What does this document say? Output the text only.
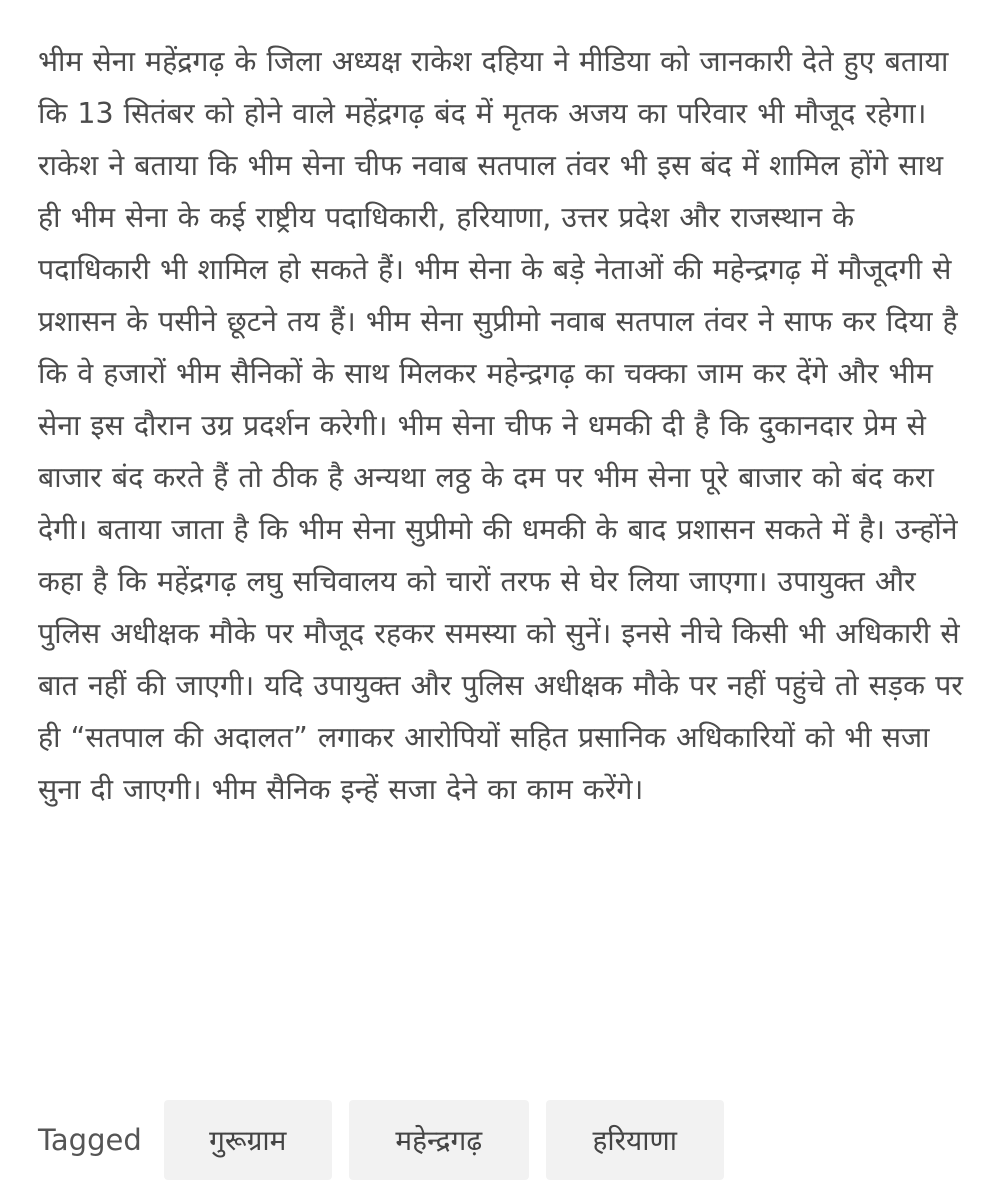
भीम सेना महेंद्रगढ़ के जिला अध्यक्ष राकेश दहिया ने मीडिया को जानकारी देते हुए बताया कि 13 सितंबर को होने वाले महेंद्रगढ़ बंद में मृतक अजय का परिवार भी मौजूद रहेगा। राकेश ने बताया कि भीम सेना चीफ नवाब सतपाल तंवर भी इस बंद में शामिल होंगे साथ ही भीम सेना के कई राष्ट्रीय पदाधिकारी, हरियाणा, उत्तर प्रदेश और राजस्थान के पदाधिकारी भी शामिल हो सकते हैं। भीम सेना के बड़े नेताओं की महेन्द्रगढ़ में मौजूदगी से प्रशासन के पसीने छूटने तय हैं। भीम सेना सुप्रीमो नवाब सतपाल तंवर ने साफ कर दिया है कि वे हजारों भीम सैनिकों के साथ मिलकर महेन्द्रगढ़ का चक्का जाम कर देंगे और भीम सेना इस दौरान उग्र प्रदर्शन करेगी। भीम सेना चीफ ने धमकी दी है कि दुकानदार प्रेम से बाजार बंद करते हैं तो ठीक है अन्यथा लठ्ठ के दम पर भीम सेना पूरे बाजार को बंद करा देगी। बताया जाता है कि भीम सेना सुप्रीमो की धमकी के बाद प्रशासन सकते में है। उन्होंने कहा है कि महेंद्रगढ़ लघु सचिवालय को चारों तरफ से घेर लिया जाएगा। उपायुक्त और पुलिस अधीक्षक मौके पर मौजूद रहकर समस्या को सुनें। इनसे नीचे किसी भी अधिकारी से बात नहीं की जाएगी। यदि उपायुक्त और पुलिस अधीक्षक मौके पर नहीं पहुंचे तो सड़क पर ही “सतपाल की अदालत” लगाकर आरोपियों सहित प्रसानिक अधिकारियों को भी सजा सुना दी जाएगी। भीम सैनिक इन्हें सजा देने का काम करेंगे।

Tagged	गुरूग्राम	महेन्द्रगढ़	हरियाणा
